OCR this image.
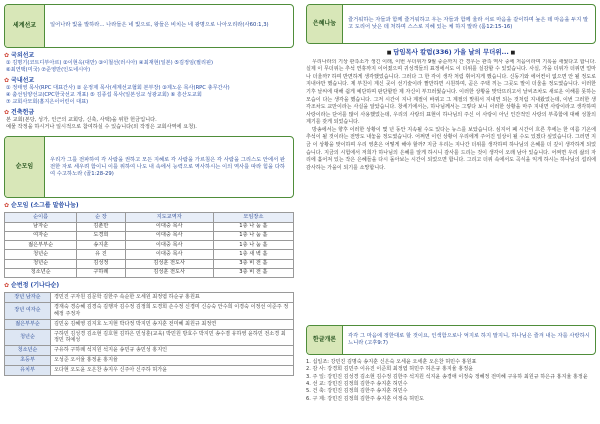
세계선교	일어나라 빛을 발하라... 나라들은 네 빛으로, 왕들은 비치는 네 광명으로 나아오리라(사60:1,3)
✿ 국외선교
① 김명기(코트디부아르) ②이현옥(대만) ③이철선(러시아) ④최재현(일본) ⑤김정임(필리핀)
⑥최연택(미국) ⑦준영만(인도네시아)
✿ 국내선교
① 정태영 목사(RPC 대표간사) ② 운정제 목사(세계선교협회 본부장) ③제노운 목사(RPC 총무간사)
④ 춤선임양선교(CPC한국선교 개표) ⑤ 김종섭 목사(일본성교 성광교회) ⑥ 흥산도교회
⑦ 교회사모회(홈지은이어린이 대표)
✿ 건축헌금
본 교회(본당, 성가, 인근의 교회당, 신축, 사택)을 위한 헌금입니다.
예물 작정을 하시거나 일시적으로 참여하실 수 있습니다(외 작정은 교회사역에 요청).
순모임
우리가 그를 전파하여 각 사람을 권하고 모든 지혜로 각 사람을 가르침은 각 사람을 그리스도 안에서 완전한 자로 세우려 함이니 이를 위하여 나도 내 속에서 능력으로 역사하시는 이의 역사를 따라 힘을 다하여 수고하노라 (골1:28-29)
✿ 순모임 (소그룹 말씀나눔)
순이름	순 장	지도교역자	모임장소
남자순	김춘만	이대중 목사	1층 나 눔 홀
여자순	도경희	이대중 목사	1층 나 눔 홀
젊은부부순	송지훈	이대중 목사	1층 나 눔 홀
청년순	유 진	이대중 목사	1층 새 벽 홀
청년순	김성정	김성훈 전도사	3층 비 전 홀
청소년순	구하례	김성훈 전도사	3층 비 전 홀
✿ 순번정 (기나다순)
장년 남자순	경민진 구자원 김문학 김한주 속순한 오세원 최정엽 하순규 홍원표
장년 여자순	경재숙 경승혜 김경숙 김행자 김수정 김정희 도경희 손수정 신경미 신승숙 안수희 이경숙 이정선 이준주 정혜정 주정자
젊은부부순	김민웅 김혜영 김지호 노지현 박다정 박지민 송지훈 전미혜 최원규 최정연
청년순	구하민 김성경 김소현 김호현 김하은 민성훈(교육) 박민원 방효수 박지민 송수겸 유하영 윤하민 전소경 최정민 허예성
청소년순	구유하 구하례 석지원 석지윤 송민규 송민성 홍지인
초등부	오성준 오서율 홍정윤 홍지율
유치부	오다현 오도윤 오은찬 송지우 신주아 신주하 허가윤
은혜나눔
즐거워하는 자들과 함께 즐거워하고 우는 자들과 함께 울라 서로 마음을 같이하며 높은 데 마음을 두지 말고 도리어 낮은 데 처하며 스스로 지혜 있는 체 하지 말라 (롬12:15-16)
■ 담임목사 칼럼(336) 가을 날의 무더위... ■

우리나라의 기상 관측소가 생긴 이래, 이번 무더위가 9월 중순까지 간 경우는 관측 역사 중에 처음이라며 기록을 새웠다고 합니다. 실제 이 무더위는 추석 연휴까지 이어졌으며 귀성객들의 표정에서도 이 더위를 실감할 수 있었습니다. 사실, 가을 더위가 더위면 얼마나 더울까? 하며 반면하게 생각했었습니다. 그러다 그 한 각이 생각 처럼 휘어지게 했습니다. 신동기와 에어컨이 없으면 안 될 정도로 지내야만 했습니다. 제 부친이 계신 곳이 선기술이라 짤만하면 시원하며, 곧은 주택 끼는 그곳도 말이 더울을 정도였습니다. 이러한 기후 날씨에 대해 쉽게 예단하며 판단할만 제 자신이 부끄러웠습니다. 이러한 상황을 맞닥뜨리고서 날씨조차도 새로운 이해를 못하는 모습이 다는 생각을 했습니다. 그저 시간이 지나 계절이 바뀌고 그 계절의 맞춰서 지내면 되는 것처럼 지내왔었는데, 이번 그러한 생각조차도 교만이라는 사실을 알았습니다. 창세기에서는, 하나님께서는 그렇다 보니 이러한 상황을 마주 지내면 사랑이라고 생각하며 사랑이라는 단어를 많이 사용했었는데, 우리의 사랑의 표현이 하나님의 주신 이 사랑이 아닌 인간적인 사랑의 부족함에 대해 성찰의 계기를 갖게 되었습니다.

방송에서는 향후 이러한 상황이 몇 년 동안 지속될 수도 있다는 뉴스를 보았습니다. 심지어 폐 시간이 흐른 후에는 한 여름 기온에 추석이 될 것이라는 전망도 내놓을 정도였습니다. 어쩌면 이런 상황이 우리에게 주어진 일상이 될 수도 있겠다 싶었습니다. 그러면 지금 이 상황을 맞이하며 우리 영혼은 어떻게 해야 할까? 지금 우리는 지나간 더위를 생각하며 하나님의 은혜를 더 깊이 생각하게 되었습니다. 지금의 시험에서 저희가 하나님의 은혜를 알게 하시니 감사를 드리는 것이 생각이 오래 남아 있습니다. 어쩌면 우리 삶의 자리에 흩어져 있는 작은 은혜들을 다시 돌아보는 시간이 되었으면 합니다. 그리고 더위 속에서도 곡식을 익게 하시는 하나님의 섭리에 감사하는 가을이 되기를 소망합니다.

한글개론
각각 그 마음에 정한대로 할 것이요, 인색함으로나 억지로 하지 말지니, 하나님은 즐겨 내는 자를 사랑하시느니라 (고후9:7)
1. 십일조: 강민진 김명숙 송지훈 신은숙 오세윤 오세훈 오은찬 허민수 홍원표
2. 감 사: 강경희 김민주 이유진 이준희 최정엽 허민주 허은규 홍지율 홍정윤
3. 주 일: 강민진 김성경 김소현 김수정 김한주 석지원 석지윤 송경애 이정숙 정혜정 전미혜 구유하 최원규 하은규 홍지율 홍정윤
4. 선 교: 강민진 김정희 김한주 송지훈 허민수
5. 건 축: 강민진 김정희 김한주 송지훈 허민수
6. 구 제: 강민진 김정희 김한주 송지훈 이정숙 허민도
